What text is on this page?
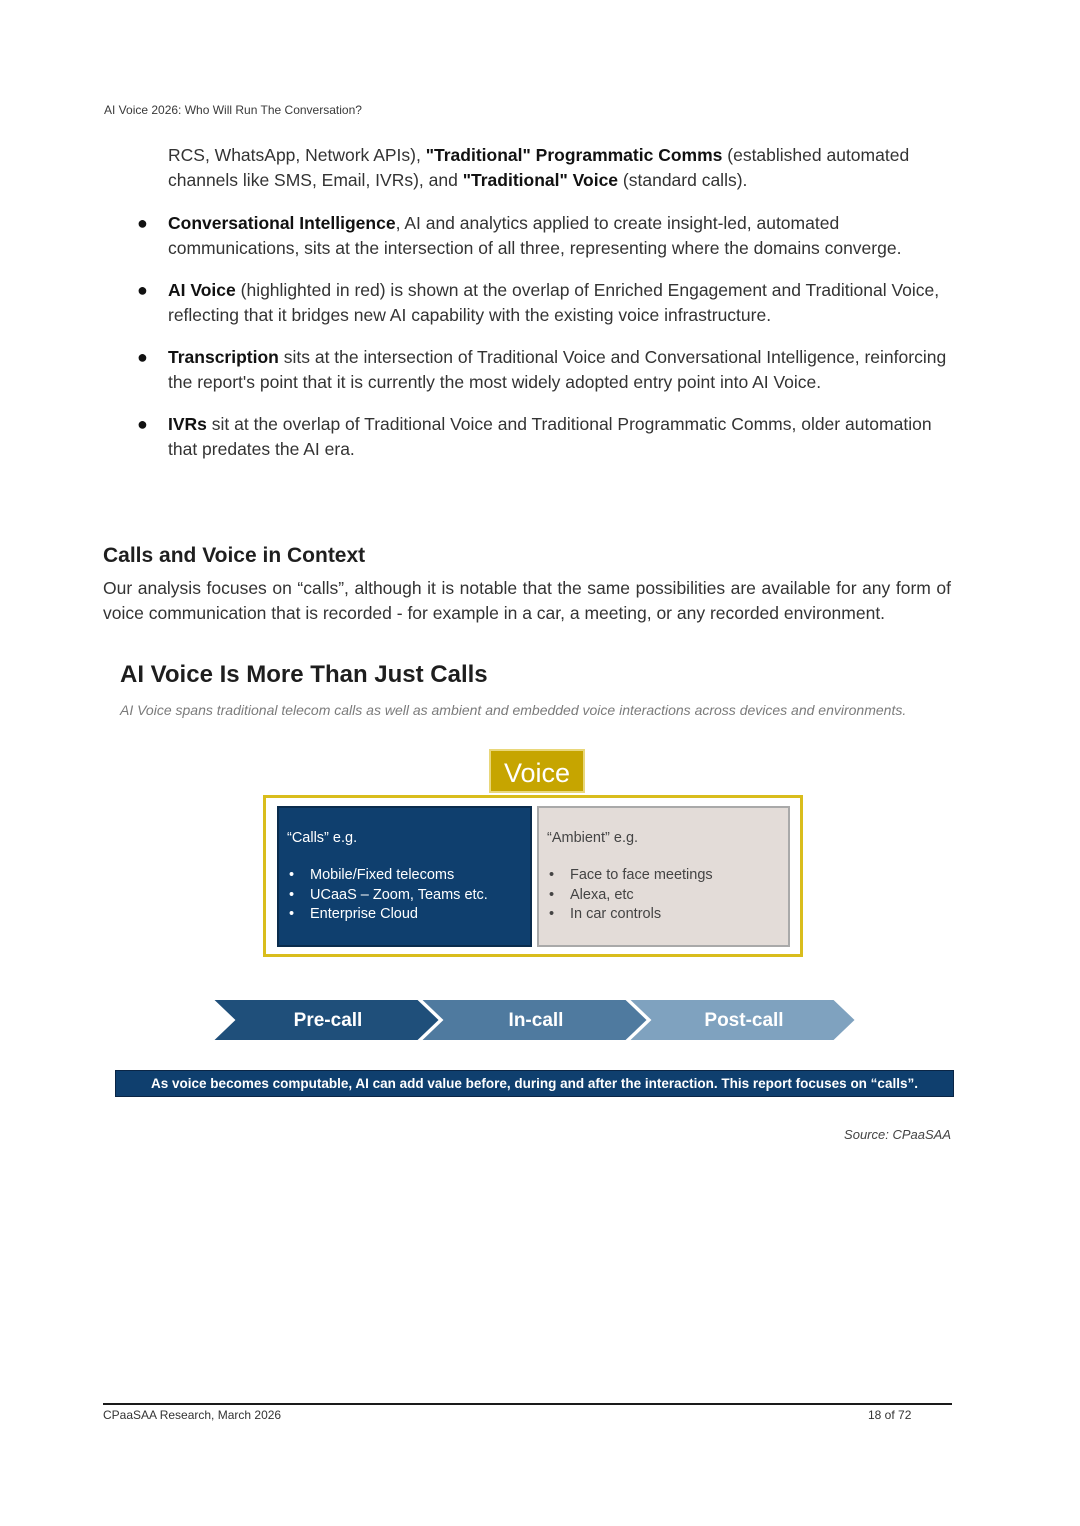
AI Voice 2026: Who Will Run The Conversation?
RCS, WhatsApp, Network APIs), "Traditional" Programmatic Comms (established automated channels like SMS, Email, IVRs), and "Traditional" Voice (standard calls).
● Conversational Intelligence, AI and analytics applied to create insight-led, automated communications, sits at the intersection of all three, representing where the domains converge.
● AI Voice (highlighted in red) is shown at the overlap of Enriched Engagement and Traditional Voice, reflecting that it bridges new AI capability with the existing voice infrastructure.
● Transcription sits at the intersection of Traditional Voice and Conversational Intelligence, reinforcing the report's point that it is currently the most widely adopted entry point into AI Voice.
● IVRs sit at the overlap of Traditional Voice and Traditional Programmatic Comms, older automation that predates the AI era.
Calls and Voice in Context
Our analysis focuses on “calls”, although it is notable that the same possibilities are available for any form of voice communication that is recorded - for example in a car, a meeting, or any recorded environment.
AI Voice Is More Than Just Calls
AI Voice spans traditional telecom calls as well as ambient and embedded voice interactions across devices and environments.
Voice
“Calls” e.g.
• Mobile/Fixed telecoms
• UCaaS – Zoom, Teams etc.
• Enterprise Cloud
“Ambient” e.g.
• Face to face meetings
• Alexa, etc
• In car controls
Pre-call	In-call	Post-call
As voice becomes computable, AI can add value before, during and after the interaction. This report focuses on “calls”.
Source: CPaaSAA
CPaaSAA Research, March 2026	18 of 72
